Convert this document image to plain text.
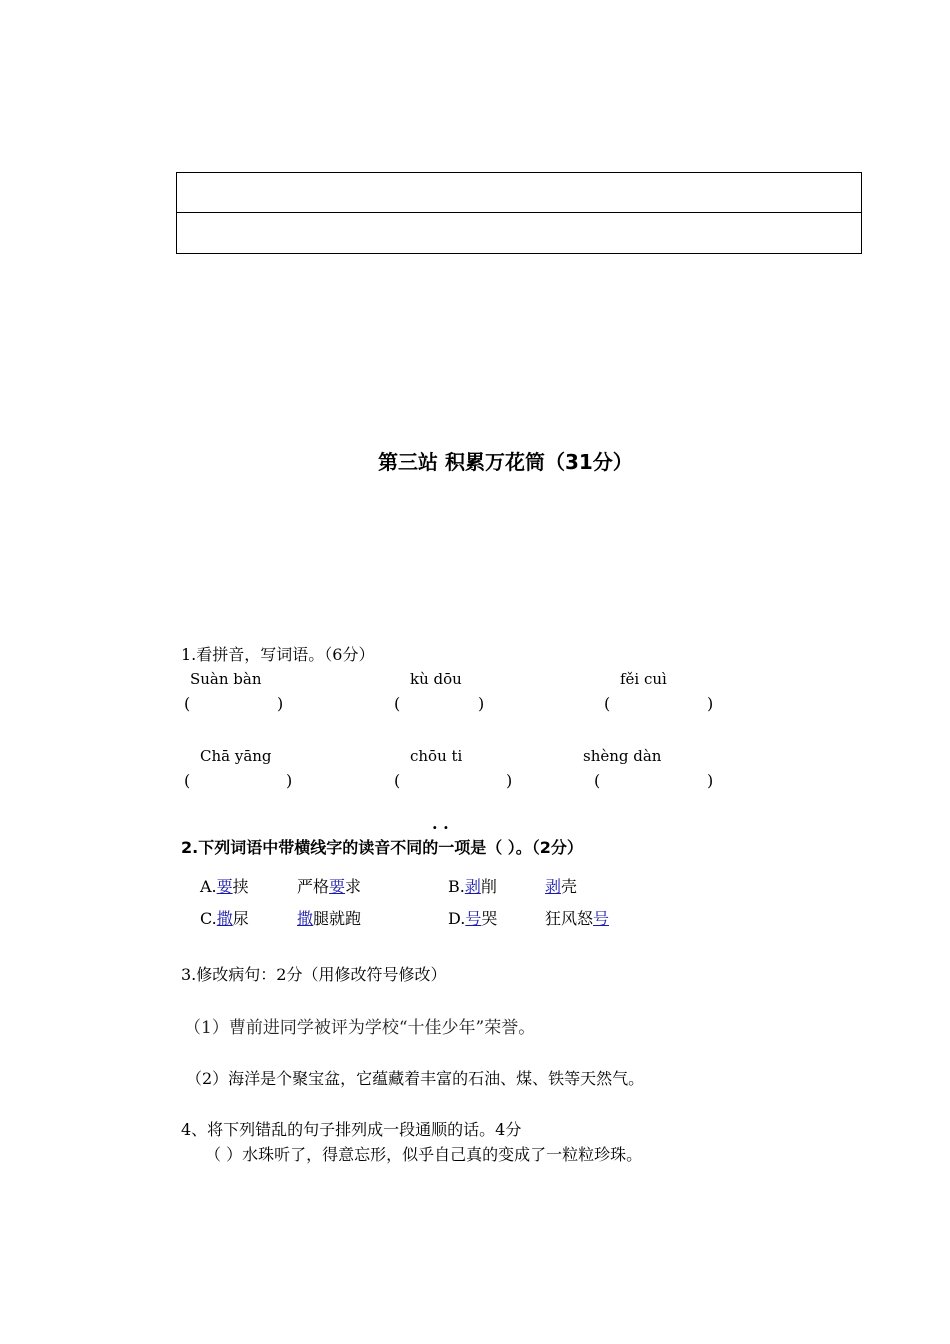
第三站 积累万花筒（31分）
1.看拼音，写词语。（6分）
Suàn bàn	kù dōu	fěi cuì
(	)	(	)	(	)
Chā yāng	chōu ti	shèng dàn
(	)	(	)	(	)
. .
2.下列词语中带横线字的读音不同的一项是（ ）。（2分）
A.要挟	严格要求	B.剥削	剥壳
C.撒尿	撒腿就跑	D.号哭	狂风怒号
3.修改病句：2分（用修改符号修改）
（1）曹前进同学被评为学校“十佳少年”荣誉。
（2）海洋是个聚宝盆，它蕴藏着丰富的石油、煤、铁等天然气。
4、将下列错乱的句子排列成一段通顺的话。4分
（ ）水珠听了，得意忘形，似乎自己真的变成了一粒粒珍珠。
